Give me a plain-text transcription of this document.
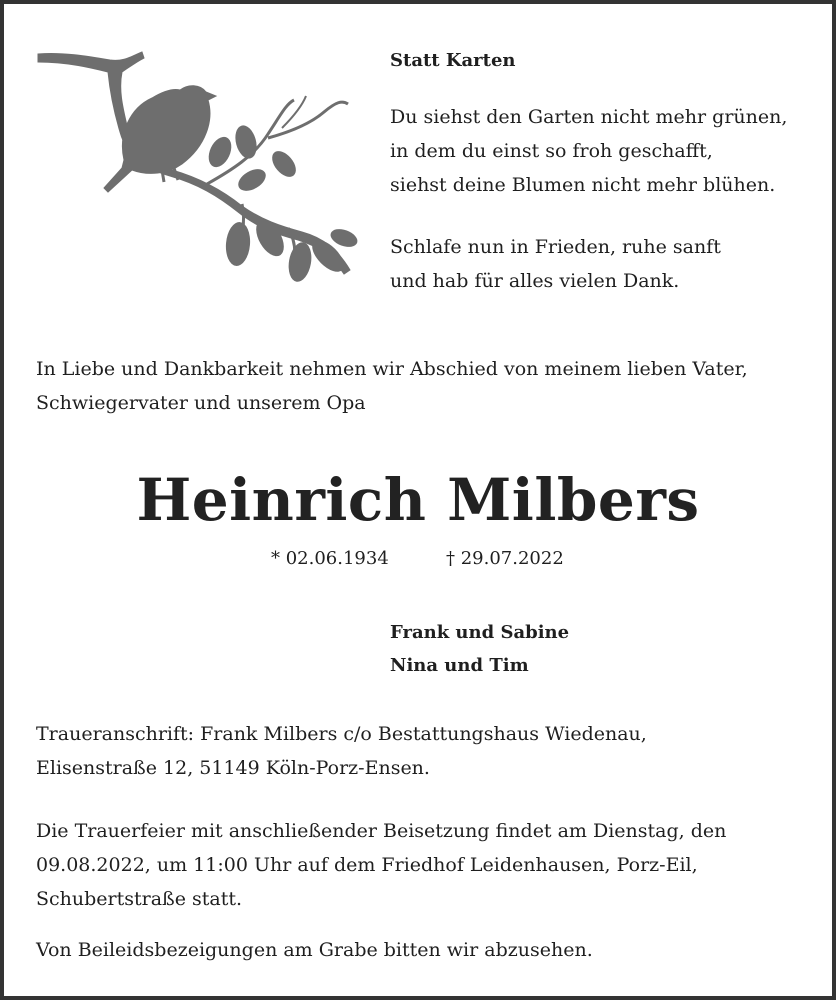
Statt Karten
Du siehst den Garten nicht mehr grünen,
in dem du einst so froh geschafft,
siehst deine Blumen nicht mehr blühen.
Schlafe nun in Frieden, ruhe sanft
und hab für alles vielen Dank.
In Liebe und Dankbarkeit nehmen wir Abschied von meinem lieben Vater,
Schwiegervater und unserem Opa
Heinrich Milbers
* 02.06.1934	† 29.07.2022
Frank und Sabine
Nina und Tim
Traueranschrift: Frank Milbers c/o Bestattungshaus Wiedenau,
Elisenstraße 12, 51149 Köln-Porz-Ensen.
Die Trauerfeier mit anschließender Beisetzung findet am Dienstag, den
09.08.2022, um 11:00 Uhr auf dem Friedhof Leidenhausen, Porz-Eil,
Schubertstraße statt.
Von Beileidsbezeigungen am Grabe bitten wir abzusehen.
